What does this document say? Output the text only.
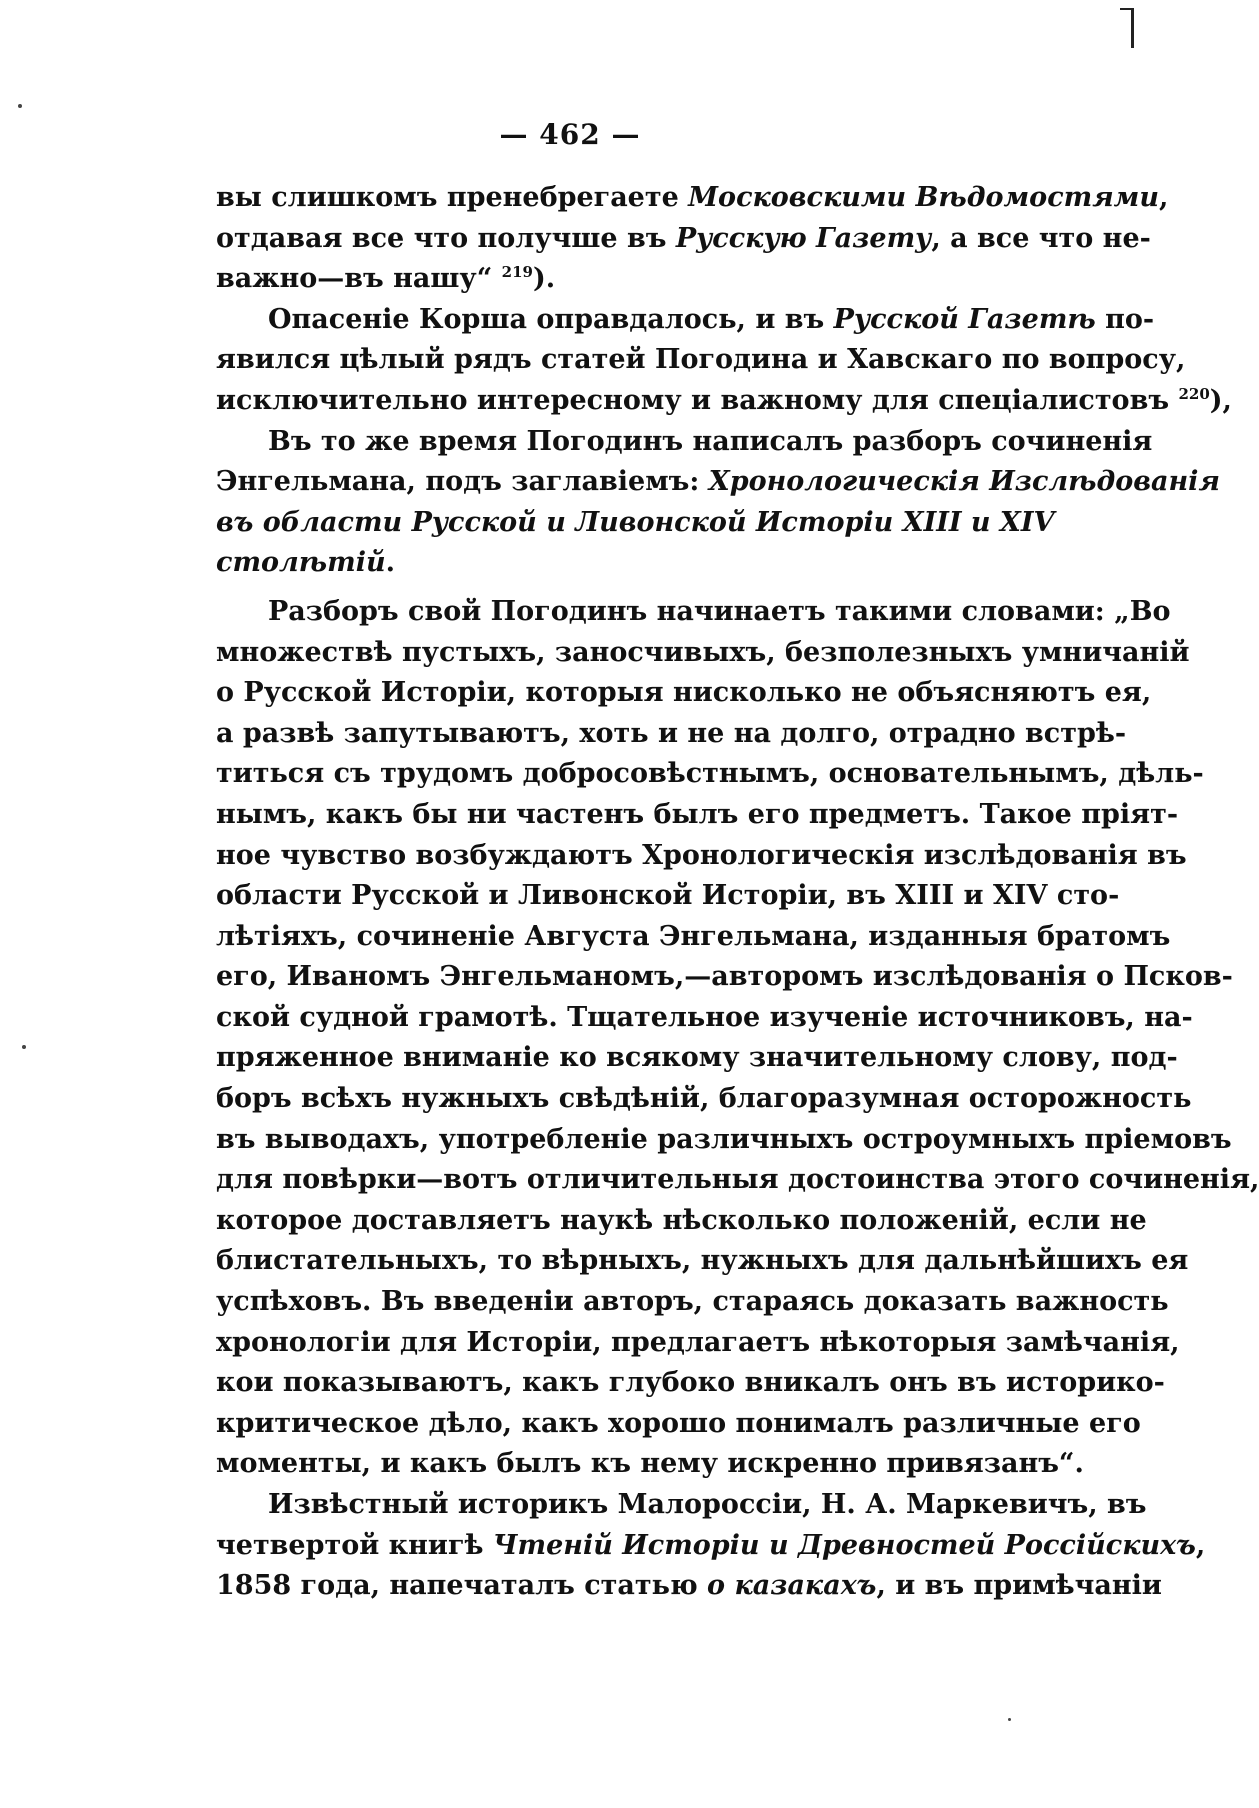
— 462 —
вы слишкомъ пренебрегаете Московскими Вѣдомостями,
отдавая все что получше въ Русскую Газету, а все что не-
важно—въ нашу“ $^{219}$).
Опасеніе Корша оправдалось, и въ Русской Газетѣ по-
явился цѣлый рядъ статей Погодина и Хавскаго по вопросу,
исключительно интересному и важному для спеціалистовъ $^{220}$),
Въ то же время Погодинъ написалъ разборъ сочиненія
Энгельмана, подъ заглавіемъ: Хронологическія Изслѣдованія
въ области Русской и Ливонской Исторіи XIII и XIV
столѣтій.
Разборъ свой Погодинъ начинаетъ такими словами: „Во
множествѣ пустыхъ, заносчивыхъ, безполезныхъ умничаній
о Русской Исторіи, которыя нисколько не объясняютъ ея,
а развѣ запутываютъ, хоть и не на долго, отрадно встрѣ-
титься съ трудомъ добросовѣстнымъ, основательнымъ, дѣль-
нымъ, какъ бы ни частенъ былъ его предметъ. Такое пріят-
ное чувство возбуждаютъ Хронологическія изслѣдованія въ
области Русской и Ливонской Исторіи, въ XIII и XIV сто-
лѣтіяхъ, сочиненіе Августа Энгельмана, изданныя братомъ
его, Иваномъ Энгельманомъ,—авторомъ изслѣдованія о Псков-
ской судной грамотѣ. Тщательное изученіе источниковъ, на-
пряженное вниманіе ко всякому значительному слову, под-
боръ всѣхъ нужныхъ свѣдѣній, благоразумная осторожность
въ выводахъ, употребленіе различныхъ остроумныхъ пріемовъ
для повѣрки—вотъ отличительныя достоинства этого сочиненія,
которое доставляетъ наукѣ нѣсколько положеній, если не
блистательныхъ, то вѣрныхъ, нужныхъ для дальнѣйшихъ ея
успѣховъ. Въ введеніи авторъ, стараясь доказать важность
хронологіи для Исторіи, предлагаетъ нѣкоторыя замѣчанія,
кои показываютъ, какъ глубоко вникалъ онъ въ историко-
критическое дѣло, какъ хорошо понималъ различные его
моменты, и какъ былъ къ нему искренно привязанъ“.
Извѣстный историкъ Малороссіи, Н. А. Маркевичъ, въ
четвертой книгѣ Чтеній Исторіи и Древностей Россійскихъ,
1858 года, напечаталъ статью о казакахъ, и въ примѣчаніи
